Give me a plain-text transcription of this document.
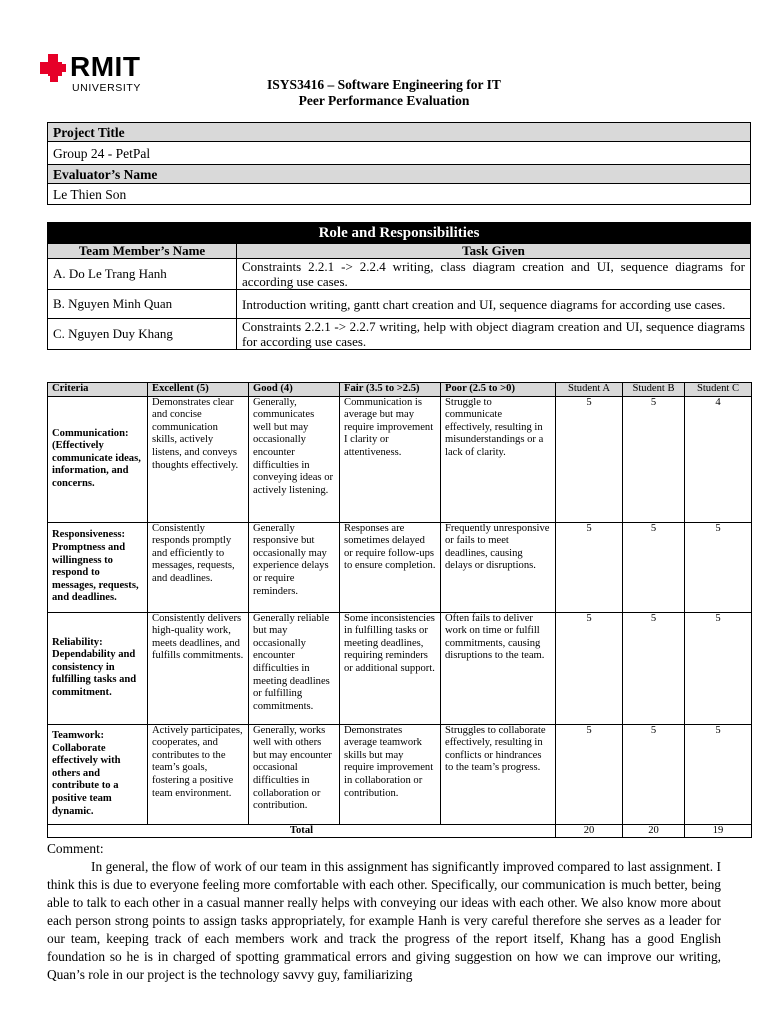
RMIT
UNIVERSITY	ISYS3416 – Software Engineering for IT
Peer Performance Evaluation
Project Title
Group 24 - PetPal
Evaluator’s Name
Le Thien Son
Role and Responsibilities	
Team Member’s Name	Task Given
A. Do Le Trang Hanh	Constraints 2.2.1 -> 2.2.4 writing, class diagram creation and UI, sequence diagrams for according use cases.
B. Nguyen Minh Quan	Introduction writing, gantt chart creation and UI, sequence diagrams for according use cases.
C. Nguyen Duy Khang	Constraints 2.2.1 -> 2.2.7 writing, help with object diagram creation and UI, sequence diagrams for according use cases.
Criteria	Excellent (5)	Good (4)	Fair (3.5 to >2.5)	Poor (2.5 to >0)	Student A	Student B	Student C
Communication: (Effectively communicate ideas, information, and concerns.	Demonstrates clear and concise communication skills, actively listens, and conveys thoughts effectively.	Generally, communicates well but may occasionally encounter difficulties in conveying ideas or actively listening.	Communication is average but may require improvement I clarity or attentiveness.	Struggle to communicate effectively, resulting in misunderstandings or a lack of clarity.	5	5	4
Responsiveness: Promptness and willingness to respond to messages, requests, and deadlines.	Consistently responds promptly and efficiently to messages, requests, and deadlines.	Generally responsive but occasionally may experience delays or require reminders.	Responses are sometimes delayed or require follow-ups to ensure completion.	Frequently unresponsive or fails to meet deadlines, causing delays or disruptions.	5	5	5
Reliability: Dependability and consistency in fulfilling tasks and commitment.	Consistently delivers high-quality work, meets deadlines, and fulfills commitments.	Generally reliable but may occasionally encounter difficulties in meeting deadlines or fulfilling commitments.	Some inconsistencies in fulfilling tasks or meeting deadlines, requiring reminders or additional support.	Often fails to deliver work on time or fulfill commitments, causing disruptions to the team.	5	5	5
Teamwork: Collaborate effectively with others and contribute to a positive team dynamic.	Actively participates, cooperates, and contributes to the team’s goals, fostering a positive team environment.	Generally, works well with others but may encounter occasional difficulties in collaboration or contribution.	Demonstrates average teamwork skills but may require improvement in collaboration or contribution.	Struggles to collaborate effectively, resulting in conflicts or hindrances to the team’s progress.	5	5	5
Total					20	20	19
Comment:

In general, the flow of work of our team in this assignment has significantly improved compared to last assignment. I think this is due to everyone feeling more comfortable with each other. Specifically, our communication is much better, being able to talk to each other in a casual manner really helps with conveying our ideas with each other. We also know more about each person strong points to assign tasks appropriately, for example Hanh is very careful therefore she serves as a leader for our team, keeping track of each members work and track the progress of the report itself, Khang has a good English foundation so he is in charged of spotting grammatical errors and giving suggestion on how we can improve our writing, Quan’s role in our project is the technology savvy guy, familiarizing
